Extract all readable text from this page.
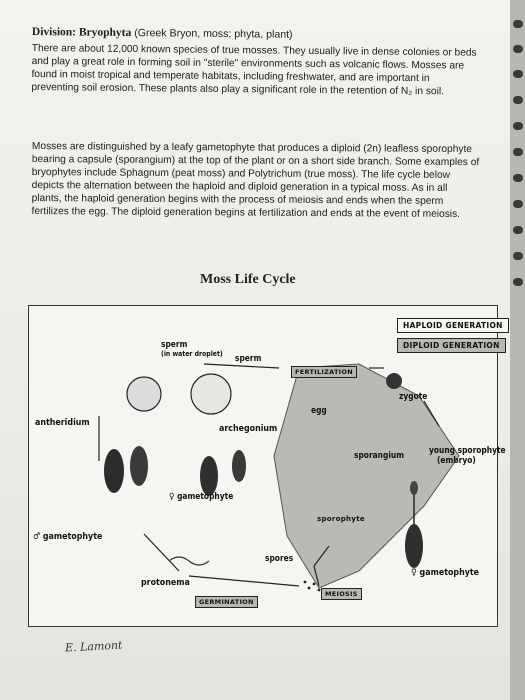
Division: Bryophyta (Greek Bryon, moss; phyta, plant)

There are about 12,000 known species of true mosses. They usually live in dense colonies or beds and play a great role in forming soil in "sterile" environments such as volcanic flows. Mosses are found in moist tropical and temperate habitats, including freshwater, and are important in preventing soil erosion. These plants also play a significant role in the retention of N₂ in soil.

Mosses are distinguished by a leafy gametophyte that produces a diploid (2n) leafless sporophyte bearing a capsule (sporangium) at the top of the plant or on a short side branch. Some examples of bryophytes include Sphagnum (peat moss) and Polytrichum (true moss). The life cycle below depicts the alternation between the haploid and diploid generation in a typical moss. As in all plants, the haploid generation begins with the process of meiosis and ends when the sperm fertilizes the egg. The diploid generation begins at fertilization and ends at the event of meiosis.

Moss Life Cycle
HAPLOID GENERATION
DIPLOID GENERATION
sperm
(in water droplet) sperm
FERTILIZATION
zygote
egg
antheridium
archegonium
young sporophyte
(embryo)
sporangium
♀ gametophyte
♂ gametophyte
sporophyte
spores
♀ gametophyte
protonema
GERMINATION
MEIOSIS
E. Lamont
